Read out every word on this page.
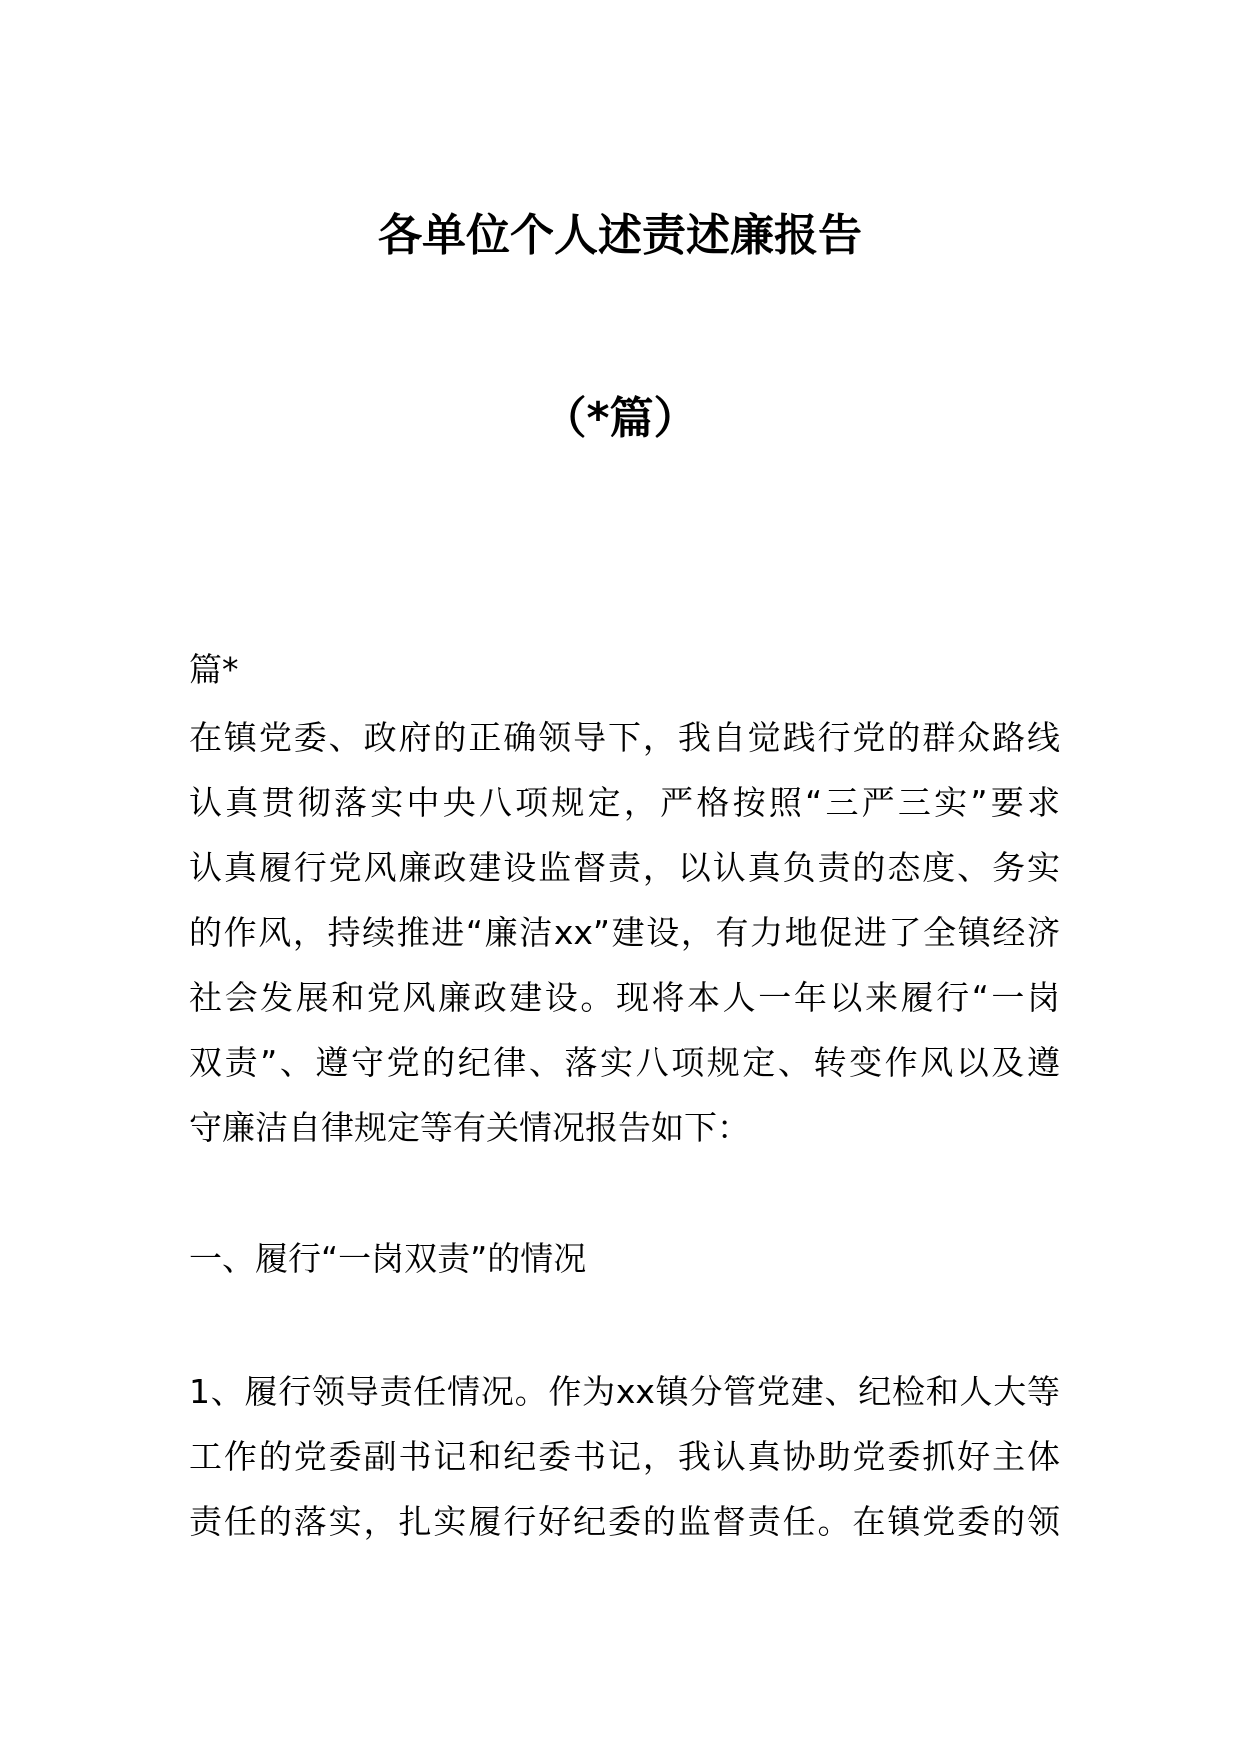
各单位个人述责述廉报告
（*篇）
篇*
在镇党委、政府的正确领导下，我自觉践行党的群众路线
认真贯彻落实中央八项规定，严格按照“三严三实”要求
认真履行党风廉政建设监督责，以认真负责的态度、务实
的作风，持续推进“廉洁xx”建设，有力地促进了全镇经济
社会发展和党风廉政建设。现将本人一年以来履行“一岗
双责”、遵守党的纪律、落实八项规定、转变作风以及遵
守廉洁自律规定等有关情况报告如下：
一、履行“一岗双责”的情况
1、履行领导责任情况。作为xx镇分管党建、纪检和人大等
工作的党委副书记和纪委书记，我认真协助党委抓好主体
责任的落实，扎实履行好纪委的监督责任。在镇党委的领
